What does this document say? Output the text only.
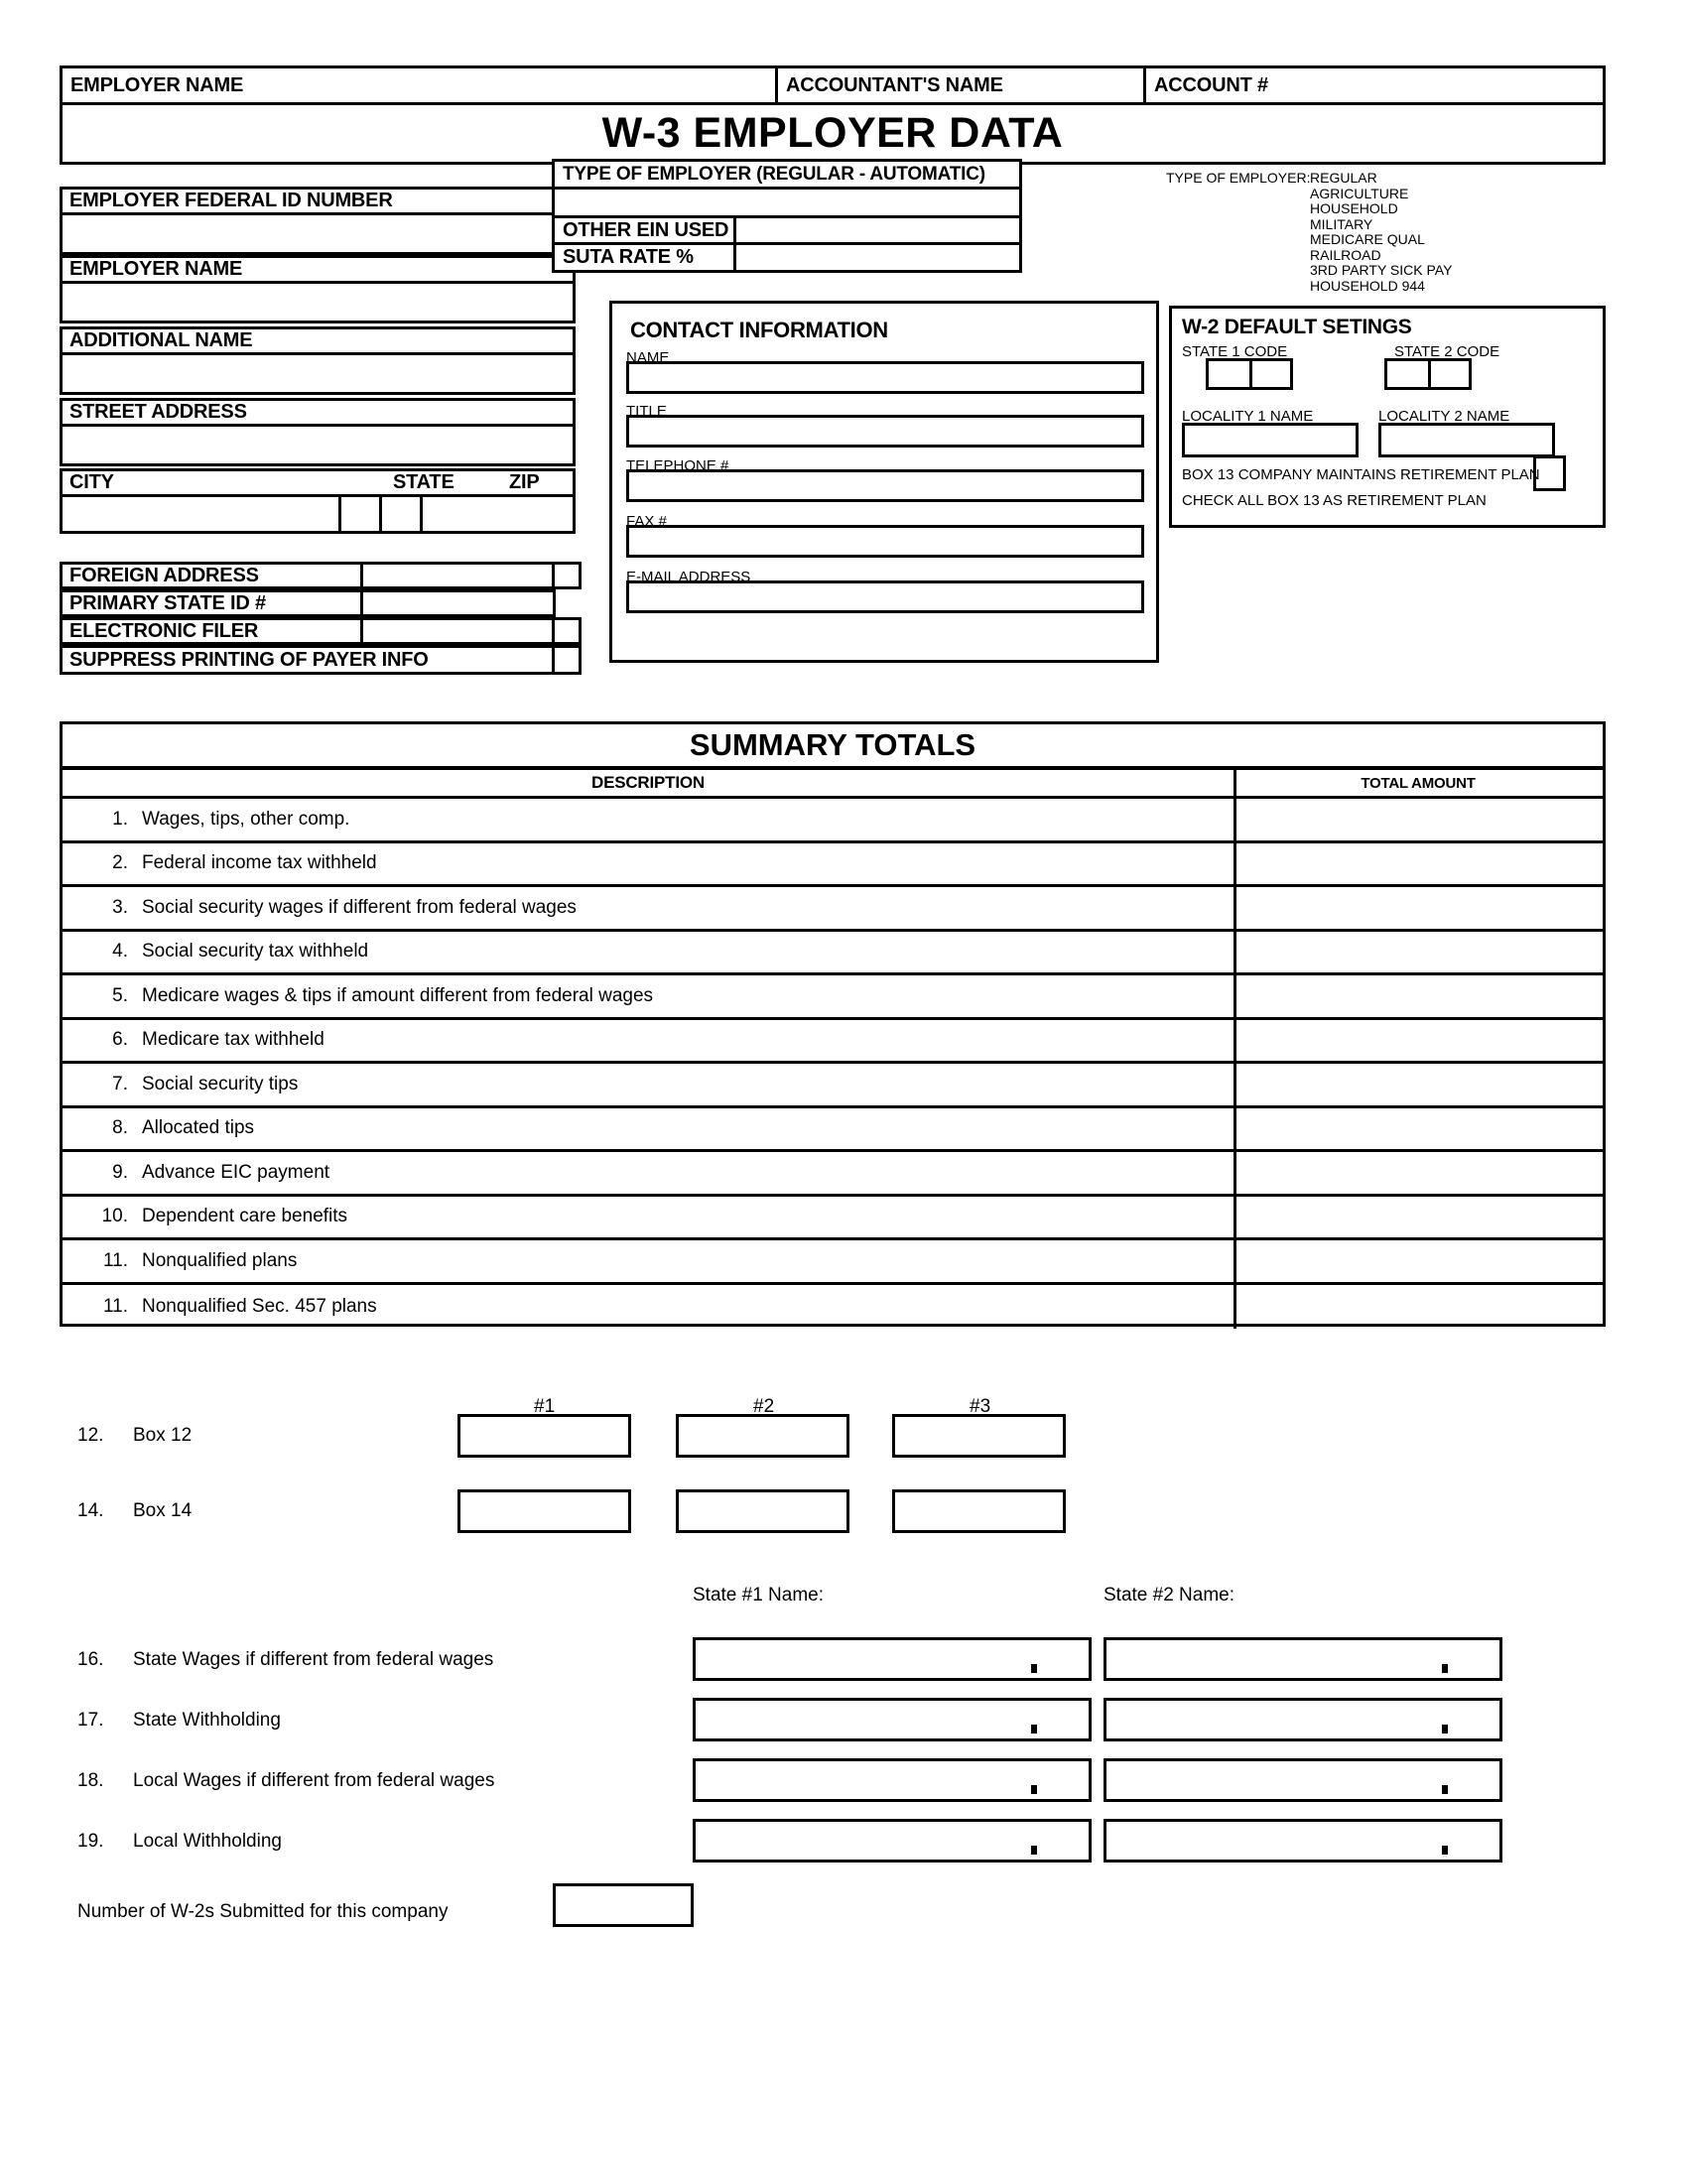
EMPLOYER NAME	ACCOUNTANT'S NAME	ACCOUNT #
W-3 EMPLOYER DATA
EMPLOYER FEDERAL ID NUMBER
EMPLOYER NAME
ADDITIONAL NAME
STREET ADDRESS
CITY	STATE	ZIP
FOREIGN ADDRESS
PRIMARY STATE ID #
ELECTRONIC FILER
SUPPRESS PRINTING OF PAYER INFO
TYPE OF EMPLOYER (REGULAR - AUTOMATIC)
OTHER EIN USED
SUTA RATE %
TYPE OF EMPLOYER: REGULAR
AGRICULTURE
HOUSEHOLD
MILITARY
MEDICARE QUAL
RAILROAD
3RD PARTY SICK PAY
HOUSEHOLD 944
CONTACT INFORMATION
NAME
TITLE
TELEPHONE #
FAX #
E-MAIL ADDRESS
W-2 DEFAULT SETINGS
STATE 1 CODE	STATE 2 CODE
LOCALITY 1 NAME	LOCALITY 2 NAME
BOX 13 COMPANY MAINTAINS RETIREMENT PLAN
CHECK ALL BOX 13 AS RETIREMENT PLAN
SUMMARY TOTALS
DESCRIPTION	TOTAL AMOUNT
1. Wages, tips, other comp.
2. Federal income tax withheld
3. Social security wages if different from federal wages
4. Social security tax withheld
5. Medicare wages & tips if amount different from federal wages
6. Medicare tax withheld
7. Social security tips
8. Allocated tips
9. Advance EIC payment
10. Dependent care benefits
11. Nonqualified plans
11. Nonqualified Sec. 457 plans
#1	#2	#3
12. Box 12
14. Box 14
State #1 Name:	State #2 Name:
16. State Wages if different from federal wages
17. State Withholding
18. Local Wages if different from federal wages
19. Local Withholding
Number of W-2s Submitted for this company
